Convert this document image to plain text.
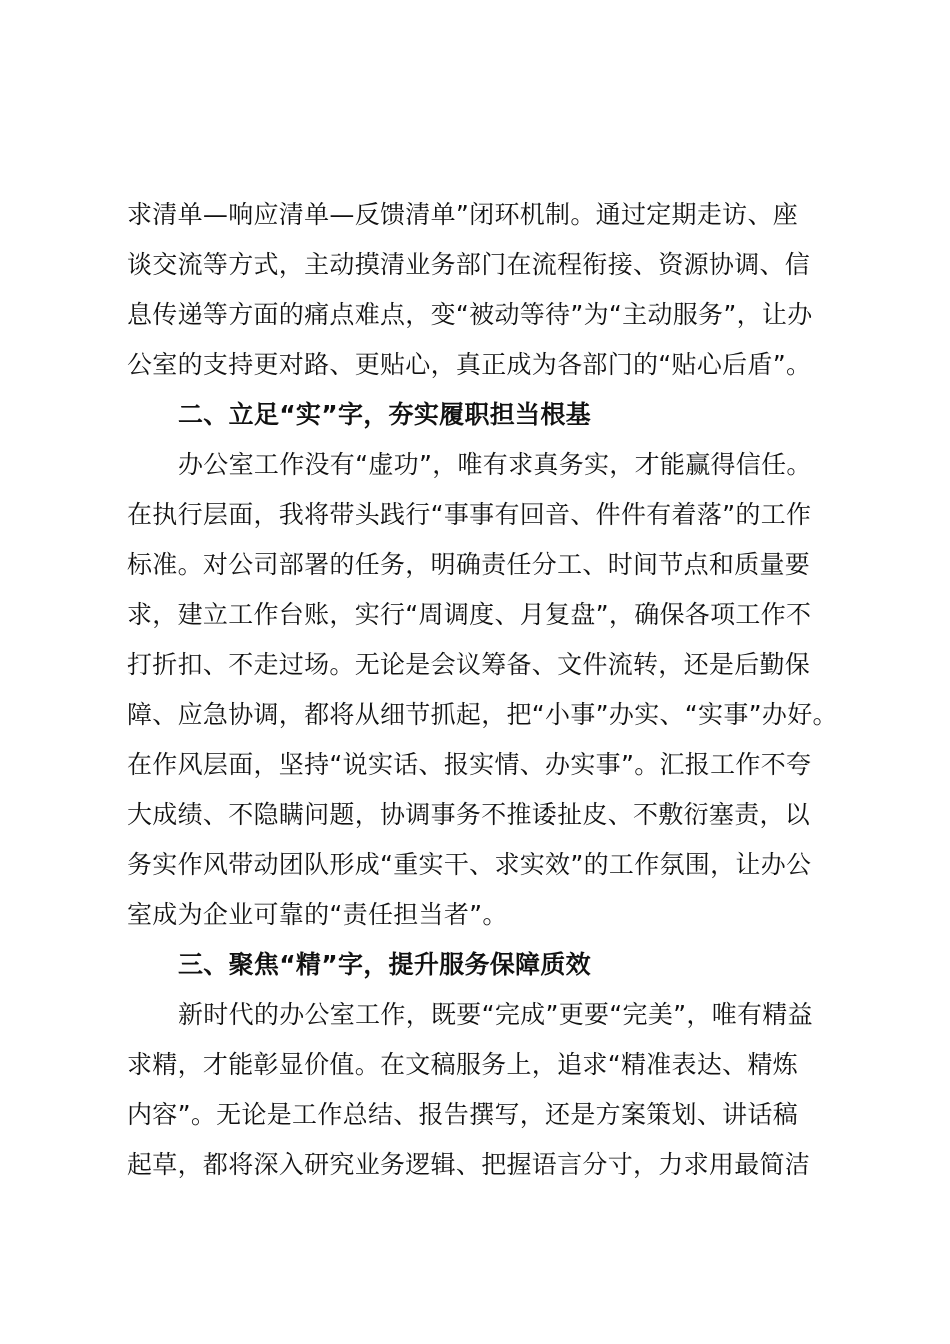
求清单—响应清单—反馈清单”闭环机制。通过定期走访、座
谈交流等方式，主动摸清业务部门在流程衔接、资源协调、信
息传递等方面的痛点难点，变“被动等待”为“主动服务”，让办
公室的支持更对路、更贴心，真正成为各部门的“贴心后盾”。
二、立足“实”字，夯实履职担当根基
办公室工作没有“虚功”，唯有求真务实，才能赢得信任。
在执行层面，我将带头践行“事事有回音、件件有着落”的工作
标准。对公司部署的任务，明确责任分工、时间节点和质量要
求，建立工作台账，实行“周调度、月复盘”，确保各项工作不
打折扣、不走过场。无论是会议筹备、文件流转，还是后勤保
障、应急协调，都将从细节抓起，把“小事”办实、“实事”办好。
在作风层面，坚持“说实话、报实情、办实事”。汇报工作不夸
大成绩、不隐瞒问题，协调事务不推诿扯皮、不敷衍塞责，以
务实作风带动团队形成“重实干、求实效”的工作氛围，让办公
室成为企业可靠的“责任担当者”。
三、聚焦“精”字，提升服务保障质效
新时代的办公室工作，既要“完成”更要“完美”，唯有精益
求精，才能彰显价值。在文稿服务上，追求“精准表达、精炼
内容”。无论是工作总结、报告撰写，还是方案策划、讲话稿
起草，都将深入研究业务逻辑、把握语言分寸，力求用最简洁
